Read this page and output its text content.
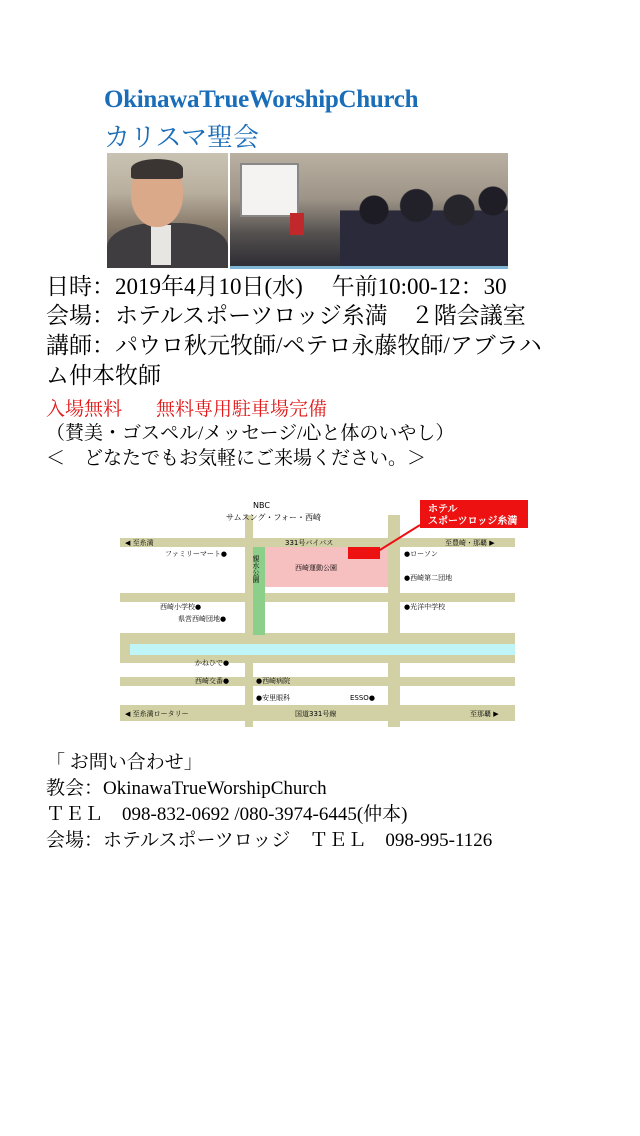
OkinawaTrueWorshipChurch
カリスマ聖会
日時：2019年4月10日(水)　 午前10:00-12：30
会場：ホテルスポーツロッジ糸満　２階会議室
講師：パウロ秋元牧師/ペテロ永藤牧師/アブラハ
ム仲本牧師
入場無料 無料専用駐車場完備
（賛美・ゴスペル/メッセージ/心と体のいやし）
＜　どなたでもお気軽にご来場ください。＞
ホテル
スポーツロッジ糸満
NBC
サムスング・フォー・西崎
◀ 至糸満	331号バイパス	至豊崎・那覇 ▶
ファミリーマート●
親水公園	西崎運動公園
●ローソン
●西崎第二団地
西崎小学校●
県営西崎団地●
●光洋中学校
かねひで●
西崎交番●	●西崎病院
●安里眼科	ESSO●
◀ 至糸満ロータリー	国道331号線	至那覇 ▶
「 お問い合わせ」
教会：OkinawaTrueWorshipChurch
ＴＥＬ　098-832-0692 /080-3974-6445(仲本)
会場：ホテルスポーツロッジ　ＴＥＬ　098-995-1126
